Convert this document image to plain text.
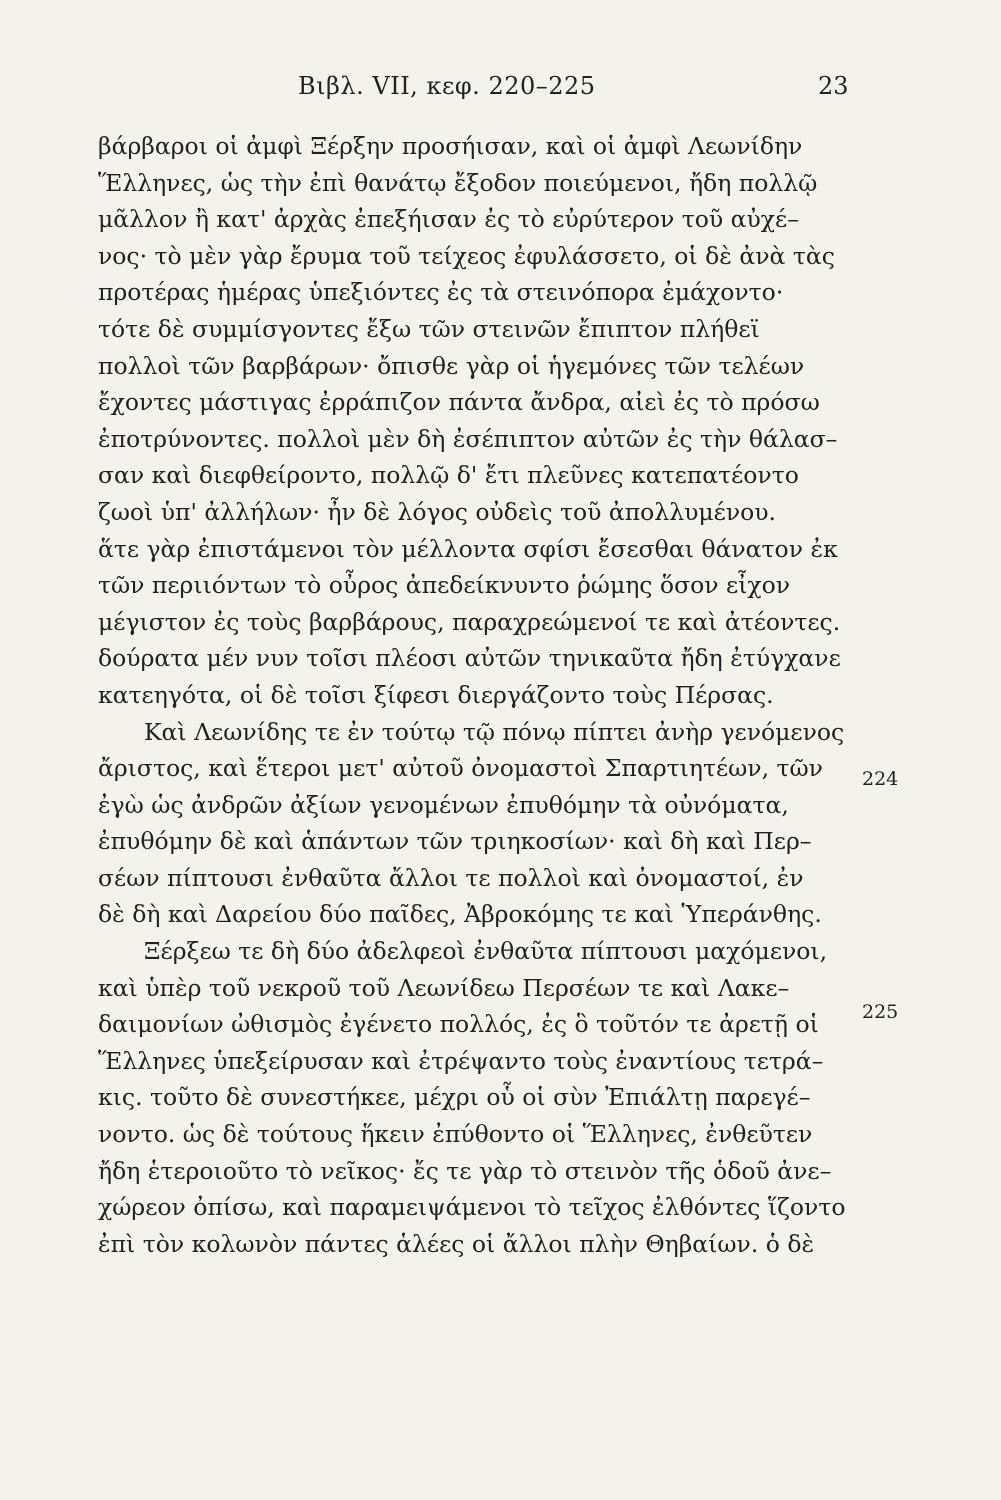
Βιβλ. VII, κεφ. 220–225	23
βάρβαροι οἱ ἀμφὶ Ξέρξην προσήισαν, καὶ οἱ ἀμφὶ Λεωνίδην
Ἕλληνες, ὡς τὴν ἐπὶ θανάτῳ ἔξοδον ποιεύμενοι, ἤδη πολλῷ
μᾶλλον ἢ κατ' ἀρχὰς ἐπεξήισαν ἐς τὸ εὐρύτερον τοῦ αὐχέ–
νος· τὸ μὲν γὰρ ἔρυμα τοῦ τείχεος ἐφυλάσσετο, οἱ δὲ ἀνὰ τὰς
προτέρας ἡμέρας ὑπεξιόντες ἐς τὰ στεινόπορα ἐμάχοντο·
τότε δὲ συμμίσγοντες ἔξω τῶν στεινῶν ἔπιπτον πλήθεϊ
πολλοὶ τῶν βαρβάρων· ὄπισθε γὰρ οἱ ἡγεμόνες τῶν τελέων
ἔχοντες μάστιγας ἐρράπιζον πάντα ἄνδρα, αἰεὶ ἐς τὸ πρόσω
ἐποτρύνοντες. πολλοὶ μὲν δὴ ἐσέπιπτον αὐτῶν ἐς τὴν θάλασ–
σαν καὶ διεφθείροντο, πολλῷ δ' ἔτι πλεῦνες κατεπατέοντο
ζωοὶ ὑπ' ἀλλήλων· ἦν δὲ λόγος οὐδεὶς τοῦ ἀπολλυμένου.
ἅτε γὰρ ἐπιστάμενοι τὸν μέλλοντα σφίσι ἔσεσθαι θάνατον ἐκ
τῶν περιιόντων τὸ οὖρος ἀπεδείκνυντο ῥώμης ὅσον εἶχον
μέγιστον ἐς τοὺς βαρβάρους, παραχρεώμενοί τε καὶ ἀτέοντες.
δούρατα μέν νυν τοῖσι πλέοσι αὐτῶν τηνικαῦτα ἤδη ἐτύγχανε
κατεηγότα, οἱ δὲ τοῖσι ξίφεσι διεργάζοντο τοὺς Πέρσας.
Καὶ Λεωνίδης τε ἐν τούτῳ τῷ πόνῳ πίπτει ἀνὴρ γενόμενος
ἄριστος, καὶ ἕτεροι μετ' αὐτοῦ ὀνομαστοὶ Σπαρτιητέων, τῶν
ἐγὼ ὡς ἀνδρῶν ἀξίων γενομένων ἐπυθόμην τὰ οὐνόματα,
ἐπυθόμην δὲ καὶ ἁπάντων τῶν τριηκοσίων· καὶ δὴ καὶ Περ–
σέων πίπτουσι ἐνθαῦτα ἄλλοι τε πολλοὶ καὶ ὀνομαστοί, ἐν
δὲ δὴ καὶ Δαρείου δύο παῖδες, Ἀβροκόμης τε καὶ Ὑπεράνθης.
Ξέρξεω τε δὴ δύο ἀδελφεοὶ ἐνθαῦτα πίπτουσι μαχόμενοι,
καὶ ὑπὲρ τοῦ νεκροῦ τοῦ Λεωνίδεω Περσέων τε καὶ Λακε–
δαιμονίων ὠθισμὸς ἐγένετο πολλός, ἐς ὃ τοῦτόν τε ἀρετῇ οἱ
Ἕλληνες ὑπεξείρυσαν καὶ ἐτρέψαντο τοὺς ἐναντίους τετρά–
κις. τοῦτο δὲ συνεστήκεε, μέχρι οὗ οἱ σὺν Ἐπιάλτῃ παρεγέ–
νοντο. ὡς δὲ τούτους ἥκειν ἐπύθοντο οἱ Ἕλληνες, ἐνθεῦτεν
ἤδη ἑτεροιοῦτο τὸ νεῖκος· ἔς τε γὰρ τὸ στεινὸν τῆς ὁδοῦ ἀνε–
χώρεον ὀπίσω, καὶ παραμειψάμενοι τὸ τεῖχος ἐλθόντες ἵζοντο
ἐπὶ τὸν κολωνὸν πάντες ἁλέες οἱ ἄλλοι πλὴν Θηβαίων. ὁ δὲ
224
225
